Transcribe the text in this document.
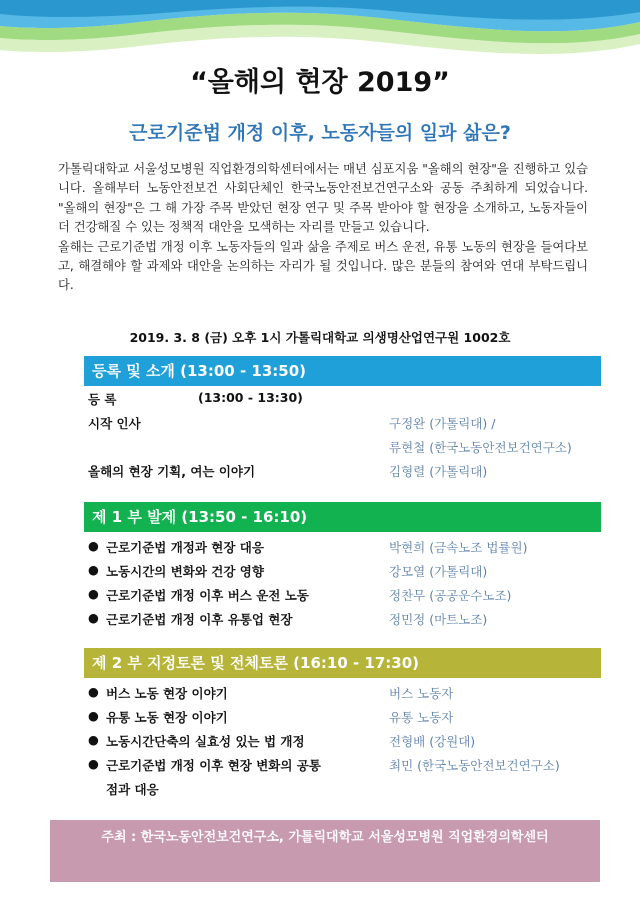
“올해의 현장 2019”
근로기준법 개정 이후, 노동자들의 일과 삶은?

가톨릭대학교 서울성모병원 직업환경의학센터에서는 매년 심포지움 "올해의 현장"을 진행하고 있습니다. 올해부터 노동안전보건 사회단체인 한국노동안전보건연구소와 공동 주최하게 되었습니다. "올해의 현장"은 그 해 가장 주목 받았던 현장 연구 및 주목 받아야 할 현장을 소개하고, 노동자들이 더 건강해질 수 있는 정책적 대안을 모색하는 자리를 만들고 있습니다.

올해는 근로기준법 개정 이후 노동자들의 일과 삶을 주제로 버스 운전, 유통 노동의 현장을 들여다보고, 해결해야 할 과제와 대안을 논의하는 자리가 될 것입니다. 많은 분들의 참여와 연대 부탁드립니다.

2019. 3. 8 (금) 오후 1시 가톨릭대학교 의생명산업연구원 1002호
등록 및 소개 (13:00 - 13:50)
등 록	(13:00 - 13:30)
시작 인사	구정완 (가톨릭대) /
류현철 (한국노동안전보건연구소)
올해의 현장 기획, 여는 이야기	김형렬 (가톨릭대)
제 1 부 발제 (13:50 - 16:10)
● 근로기준법 개정과 현장 대응	박현희 (금속노조 법률원)
● 노동시간의 변화와 건강 영향	강모열 (가톨릭대)
● 근로기준법 개정 이후 버스 운전 노동	정찬무 (공공운수노조)
● 근로기준법 개정 이후 유통업 현장	정민정 (마트노조)
제 2 부 지정토론 및 전체토론 (16:10 - 17:30)
● 버스 노동 현장 이야기	버스 노동자
● 유통 노동 현장 이야기	유통 노동자
● 노동시간단축의 실효성 있는 법 개정	전형배 (강원대)
● 근로기준법 개정 이후 현장 변화의 공통	최민 (한국노동안전보건연구소)
점과 대응
주최 : 한국노동안전보건연구소, 가톨릭대학교 서울성모병원 직업환경의학센터
